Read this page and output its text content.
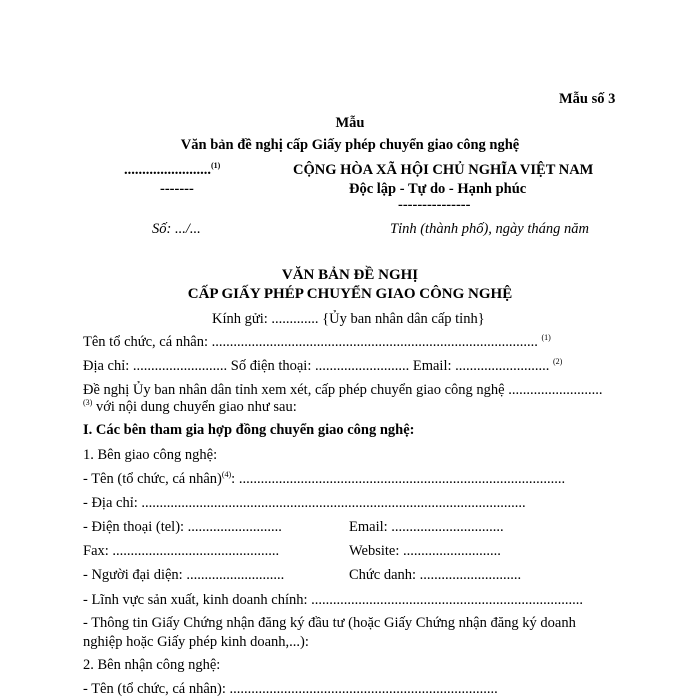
Mẫu số 3
Mẫu
Văn bản đề nghị cấp Giấy phép chuyển giao công nghệ
........................$^{(1)}$	CỘNG HÒA XÃ HỘI CHỦ NGHĨA VIỆT NAM
-------	Độc lập - Tự do - Hạnh phúc
---------------
Số: .../...	Tỉnh (thành phố), ngày tháng năm
VĂN BẢN ĐỀ NGHỊ
CẤP GIẤY PHÉP CHUYỂN GIAO CÔNG NGHỆ
Kính gửi: ............. {Ủy ban nhân dân cấp tỉnh}
Tên tổ chức, cá nhân: .......................................................................................... $^{(1)}$
Địa chỉ: .......................... Số điện thoại: .......................... Email: .......................... $^{(2)}$
Đề nghị Ủy ban nhân dân tỉnh xem xét, cấp phép chuyển giao công nghệ ..........................
$^{(3)}$ với nội dung chuyển giao như sau:
I. Các bên tham gia hợp đồng chuyển giao công nghệ:
1. Bên giao công nghệ:
- Tên (tổ chức, cá nhân)$^{(4)}$: ..........................................................................................
- Địa chỉ: ..........................................................................................................
- Điện thoại (tel): ..........................	Email: ...............................
Fax: ..............................................	Website: ...........................
- Người đại diện: ...........................	Chức danh: ............................
- Lĩnh vực sản xuất, kinh doanh chính: ...........................................................................
- Thông tin Giấy Chứng nhận đăng ký đầu tư (hoặc Giấy Chứng nhận đăng ký doanh
nghiệp hoặc Giấy phép kinh doanh,...):
2. Bên nhận công nghệ:
- Tên (tổ chức, cá nhân): ..........................................................................
